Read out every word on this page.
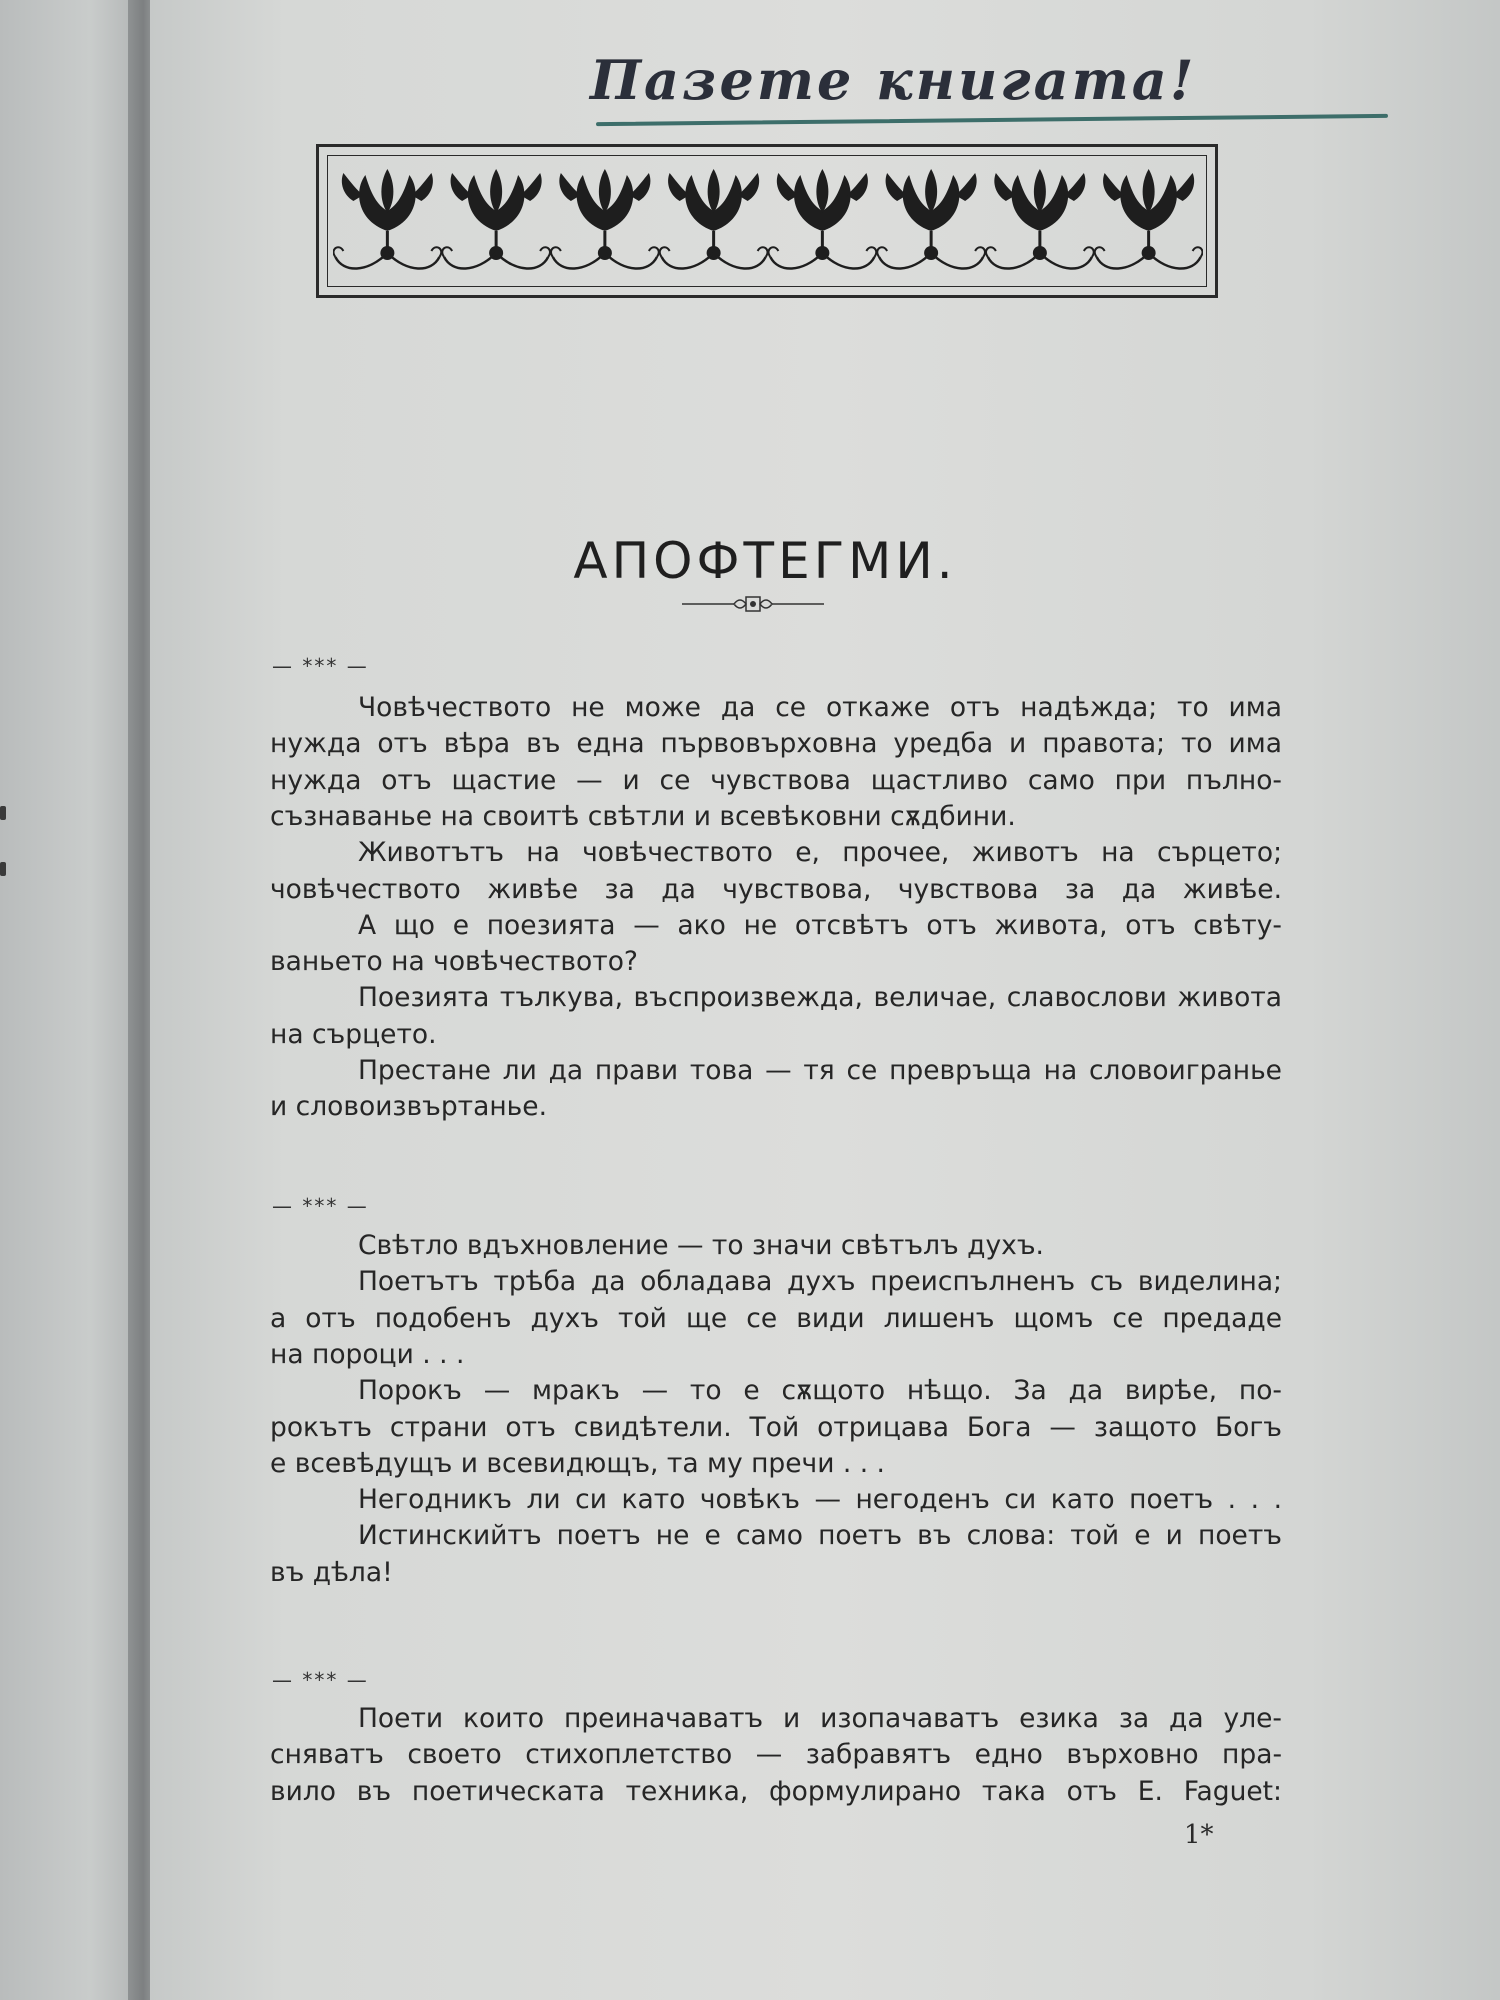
Пазете книгата!
АПОФТЕГМИ.
— *** —
Човѣчеството не може да се откаже отъ надѣжда; то има
нужда отъ вѣра въ една първовърховна уредба и правота; то има
нужда отъ щастие — и се чувствова щастливо само при пълно-
съзнаванье на своитѣ свѣтли и всевѣковни сѫдбини.
Животътъ на човѣчеството е, прочее, животъ на сърцето;
човѣчеството живѣе за да чувствова, чувствова за да живѣе.
А що е поезията — ако не отсвѣтъ отъ живота, отъ свѣту-
ваньето на човѣчеството?
Поезията тълкува, въспроизвежда, величае, славослови живота
на сърцето.
Престане ли да прави това — тя се превръща на словоигранье
и словоизвъртанье.
— *** —
Свѣтло вдъхновление — то значи свѣтълъ духъ.
Поетътъ трѣба да обладава духъ преиспълненъ съ виделина;
а отъ подобенъ духъ той ще се види лишенъ щомъ се предаде
на пороци . . .
Порокъ — мракъ — то е сѫщото нѣщо. За да вирѣе, по-
рокътъ страни отъ свидѣтели. Той отрицава Бога — защото Богъ
е всевѣдущъ и всевидющъ, та му пречи . . .
Негодникъ ли си като човѣкъ — негоденъ си като поетъ . . .
Истинскийтъ поетъ не е само поетъ въ слова: той е и поетъ
въ дѣла!
— *** —
Поети които преиначаватъ и изопачаватъ езика за да уле-
сняватъ своето стихоплетство — забравятъ едно върховно пра-
вило въ поетическата техника, формулирано така отъ E. Faguet:
1*
